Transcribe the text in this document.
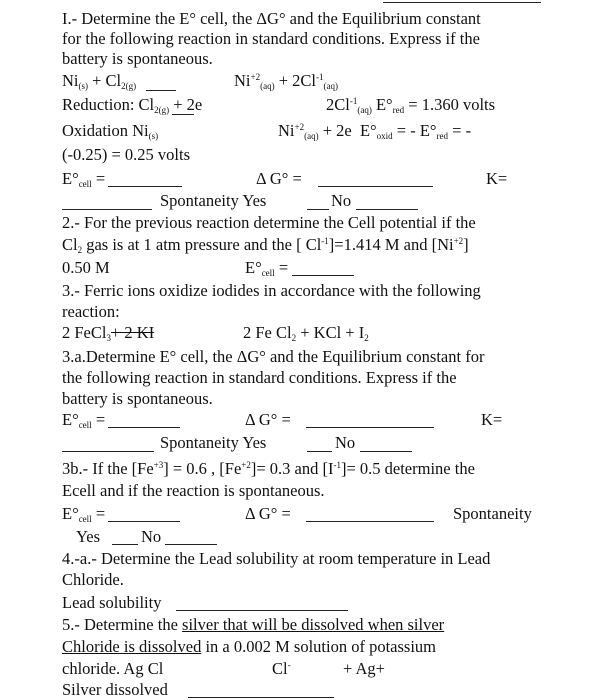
I.- Determine the E° cell, the ΔG° and the Equilibrium constant
for the following reaction in standard conditions. Express if the
battery is spontaneous.
$Ni_{(s)} + Cl_{2(g)}$	$Ni^{+2}_{(aq)} + 2Cl^{-1}_{(aq)}$
Reduction: $Cl_{2(g)} + 2e$	$2Cl^{-1}_{(aq)}$ $E^\circ_{red} = 1.360$ volts
Oxidation $Ni_{(s)}$	$Ni^{+2}_{(aq)} + 2e$ $E^\circ_{oxid}$ = - $E^\circ_{red}$ = -
(-0.25) = 0.25 volts
$E^\circ_{cell}$ =	Δ G° =	K=
Spontaneity Yes	No
2.- For the previous reaction determine the Cell potential if the
$Cl_2$ gas is at 1 atm pressure and the [ $Cl^{-1}]=1.414$ M and $[Ni^{+2}]$
0.50 M	$E^\circ_{cell}$ =
3.- Ferric ions oxidize iodides in accordance with the following
reaction:
2 FeCl$_3$+ 2 KI	2 Fe $Cl_2$ + KCl + $I_2$
3.a.Determine E° cell, the ΔG° and the Equilibrium constant for
the following reaction in standard conditions. Express if the
battery is spontaneous.
$E^\circ_{cell}$ =	Δ G° =	K=
Spontaneity Yes	No
3b.- If the $[Fe^{+3}] = 0.6$ , $[Fe^{+2}]= 0.3$ and $[I^{-1}]= 0.5$ determine the
Ecell and if the reaction is spontaneous.
$E^\circ_{cell}$ =	Δ G° =	Spontaneity
Yes No
4.-a.- Determine the Lead solubility at room temperature in Lead
Chloride.
Lead solubility
5.- Determine the silver that will be dissolved when silver
Chloride is dissolved in a 0.002 M solution of potassium
chloride. Ag Cl	Cl-	+ Ag+
Silver dissolved
